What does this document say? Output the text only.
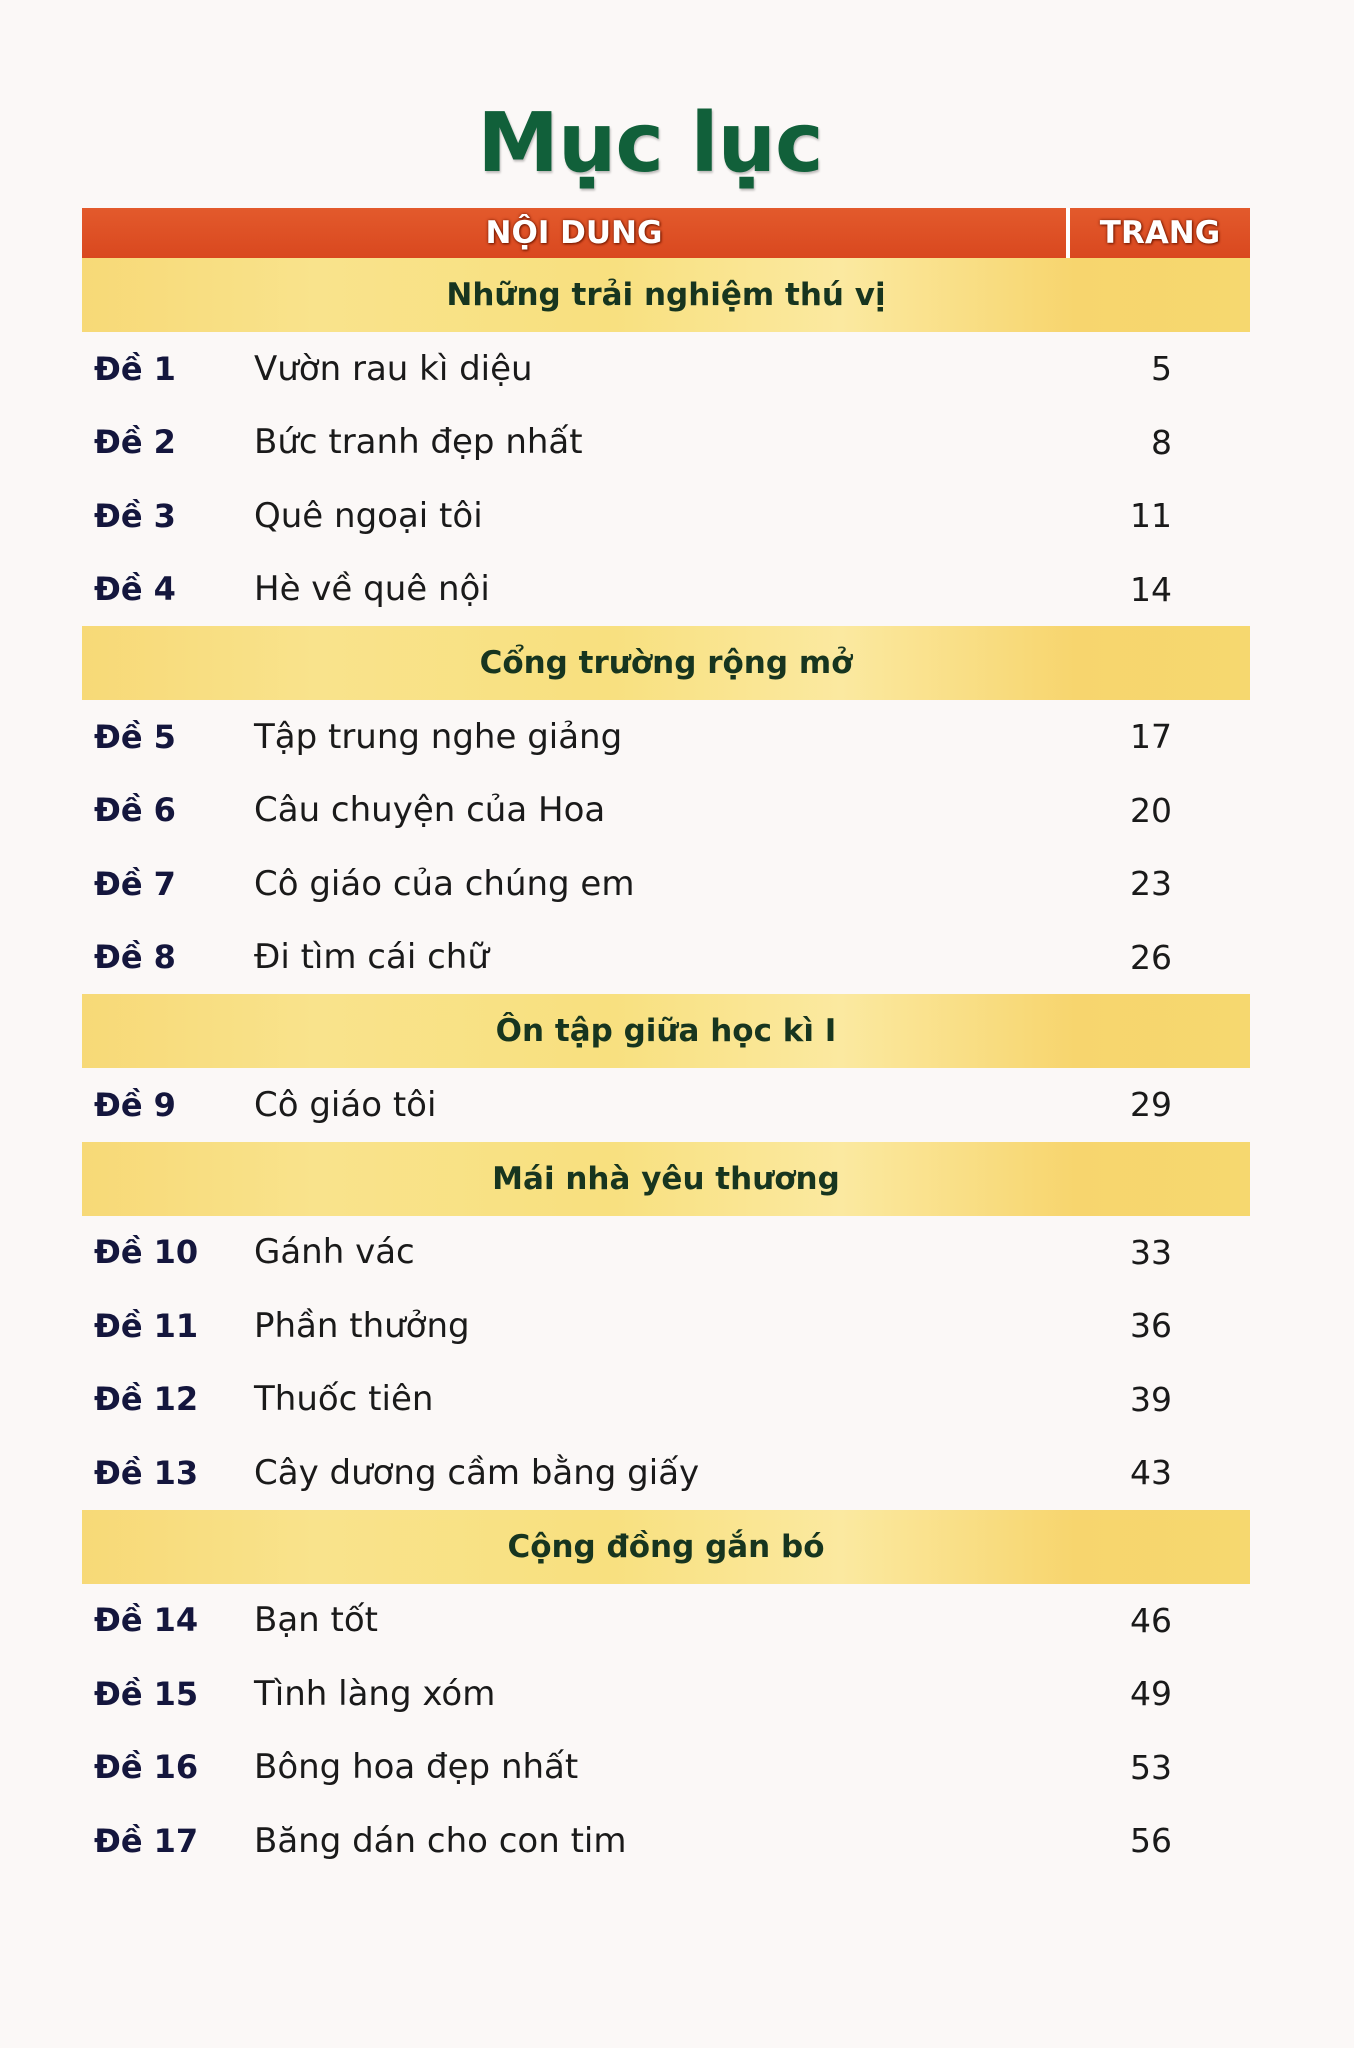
Mục lục
NỘI DUNG	TRANG
Những trải nghiệm thú vị
Đề 1 Vườn rau kì diệu	5
Đề 2 Bức tranh đẹp nhất	8
Đề 3 Quê ngoại tôi	11
Đề 4 Hè về quê nội	14
Cổng trường rộng mở
Đề 5 Tập trung nghe giảng	17
Đề 6 Câu chuyện của Hoa	20
Đề 7 Cô giáo của chúng em	23
Đề 8 Đi tìm cái chữ	26
Ôn tập giữa học kì I
Đề 9 Cô giáo tôi	29
Mái nhà yêu thương
Đề 10 Gánh vác	33
Đề 11 Phần thưởng	36
Đề 12 Thuốc tiên	39
Đề 13 Cây dương cầm bằng giấy	43
Cộng đồng gắn bó
Đề 14 Bạn tốt	46
Đề 15 Tình làng xóm	49
Đề 16 Bông hoa đẹp nhất	53
Đề 17 Băng dán cho con tim	56
